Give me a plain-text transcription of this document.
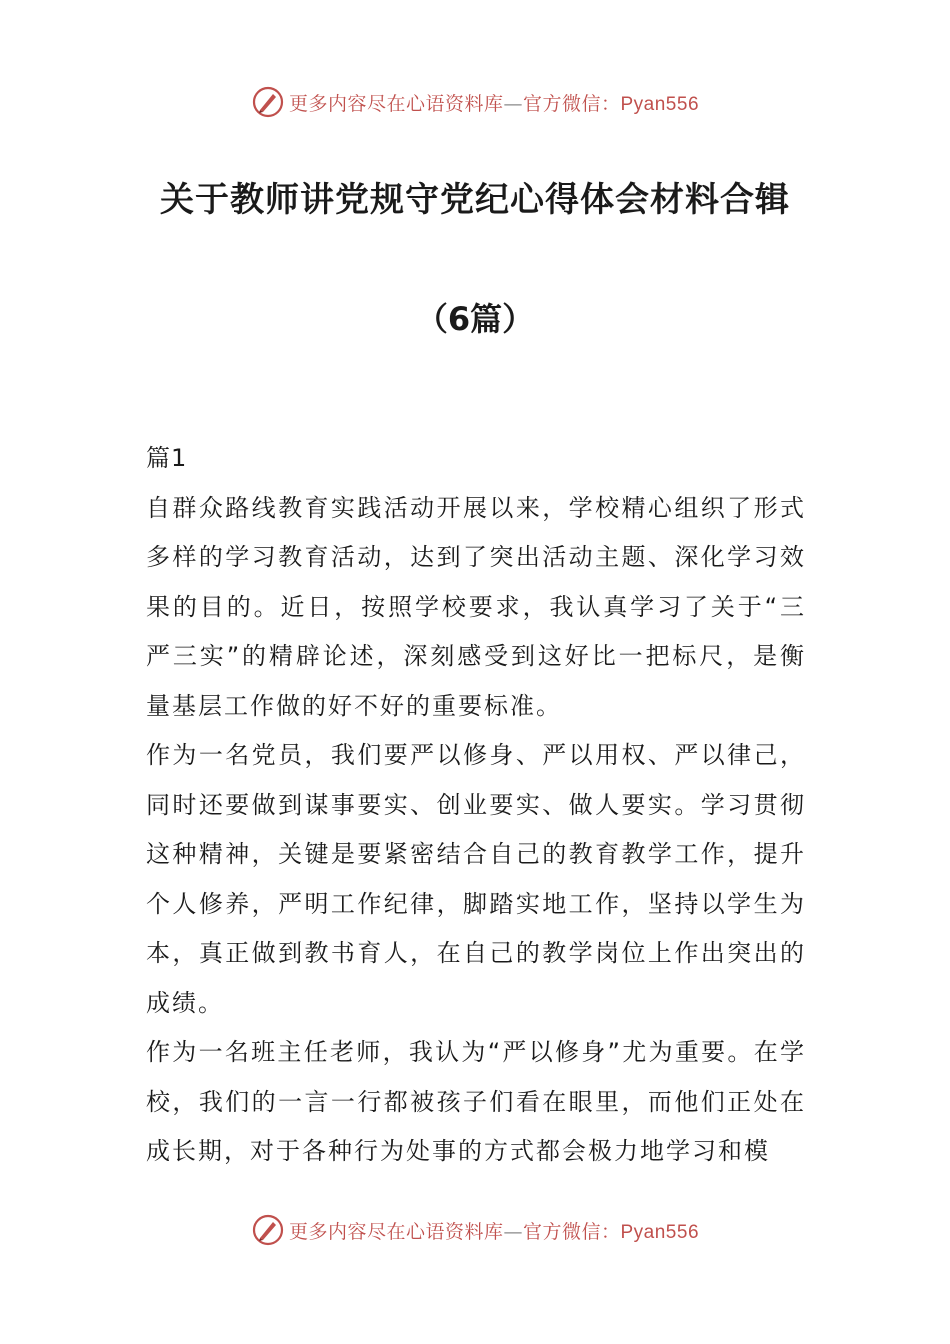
更多内容尽在心语资料库—官方微信：Pyan556
关于教师讲党规守党纪心得体会材料合辑
（6篇）

篇1

自群众路线教育实践活动开展以来，学校精心组织了形式多样的学习教育活动，达到了突出活动主题、深化学习效果的目的。近日，按照学校要求，我认真学习了关于“三严三实”的精辟论述，深刻感受到这好比一把标尺，是衡量基层工作做的好不好的重要标准。

作为一名党员，我们要严以修身、严以用权、严以律己，同时还要做到谋事要实、创业要实、做人要实。学习贯彻这种精神，关键是要紧密结合自己的教育教学工作，提升个人修养，严明工作纪律，脚踏实地工作，坚持以学生为本，真正做到教书育人，在自己的教学岗位上作出突出的成绩。

作为一名班主任老师，我认为“严以修身”尤为重要。在学校，我们的一言一行都被孩子们看在眼里，而他们正处在成长期，对于各种行为处事的方式都会极力地学习和模

更多内容尽在心语资料库—官方微信：Pyan556
